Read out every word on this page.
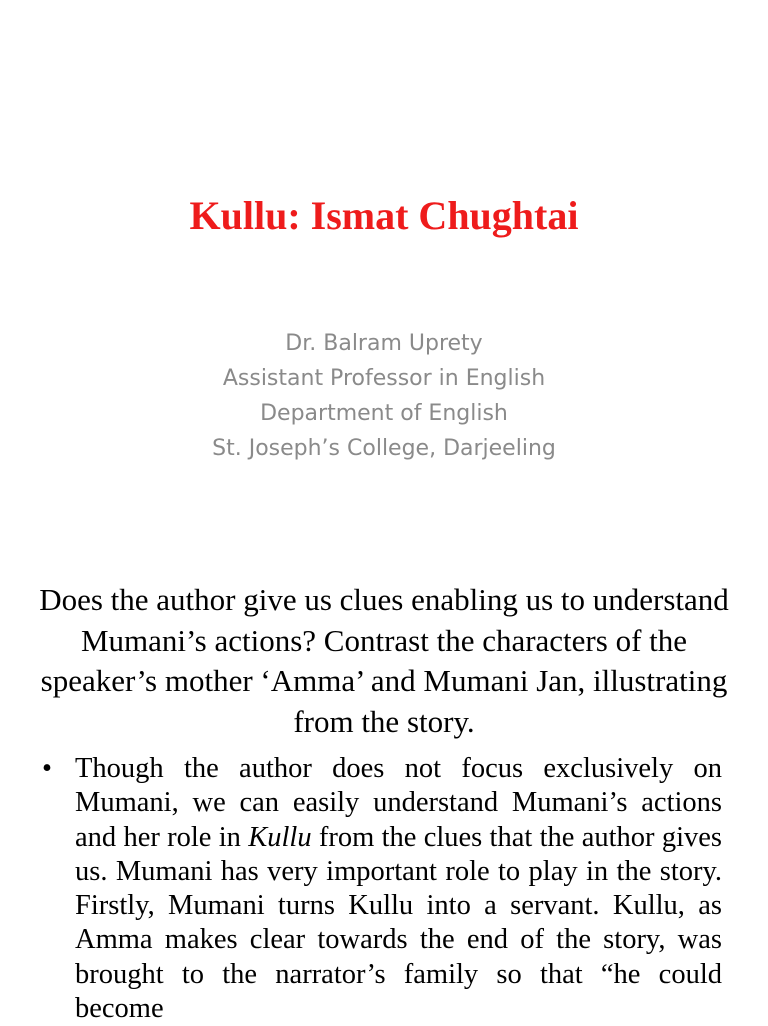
Kullu: Ismat Chughtai
Dr. Balram Uprety
Assistant Professor in English
Department of English
St. Joseph’s College, Darjeeling
Does the author give us clues enabling us to understand Mumani’s actions? Contrast the characters of the speaker’s mother ‘Amma’ and Mumani Jan, illustrating from the story.
• Though the author does not focus exclusively on Mumani, we can easily understand Mumani’s actions and her role in Kullu from the clues that the author gives us. Mumani has very important role to play in the story. Firstly, Mumani turns Kullu into a servant. Kullu, as Amma makes clear towards the end of the story, was brought to the narrator’s family so that “he could become
